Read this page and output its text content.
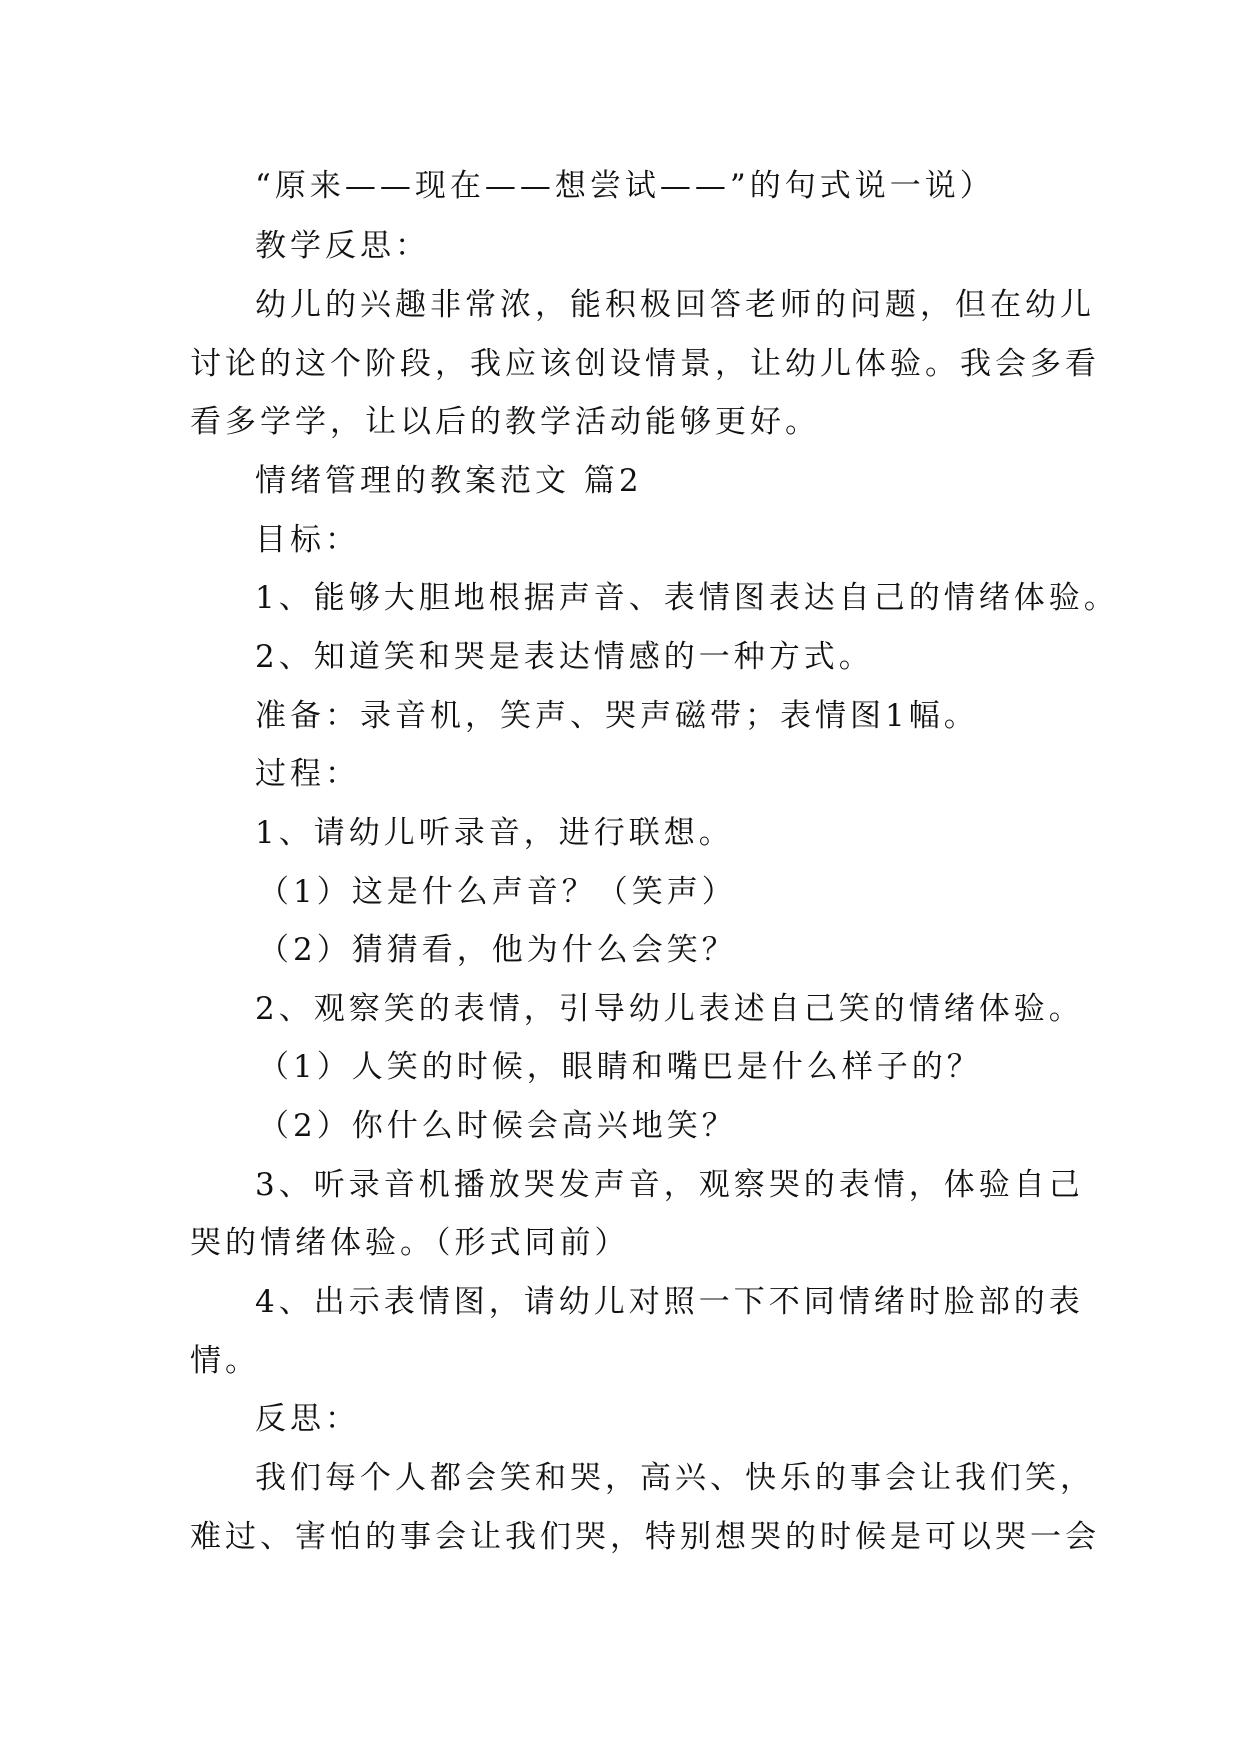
“原来——现在——想尝试——”的句式说一说）
教学反思：
幼儿的兴趣非常浓，能积极回答老师的问题，但在幼儿
讨论的这个阶段，我应该创设情景，让幼儿体验。我会多看
看多学学，让以后的教学活动能够更好。
情绪管理的教案范文 篇2
目标：
1、能够大胆地根据声音、表情图表达自己的情绪体验。
2、知道笑和哭是表达情感的一种方式。
准备：录音机，笑声、哭声磁带；表情图1幅。
过程：
1、请幼儿听录音，进行联想。
（1）这是什么声音？（笑声）
（2）猜猜看，他为什么会笑？
2、观察笑的表情，引导幼儿表述自己笑的情绪体验。
（1）人笑的时候，眼睛和嘴巴是什么样子的？
（2）你什么时候会高兴地笑？
3、听录音机播放哭发声音，观察哭的表情，体验自己
哭的情绪体验。（形式同前）
4、出示表情图，请幼儿对照一下不同情绪时脸部的表
情。
反思：
我们每个人都会笑和哭，高兴、快乐的事会让我们笑，
难过、害怕的事会让我们哭，特别想哭的时候是可以哭一会
